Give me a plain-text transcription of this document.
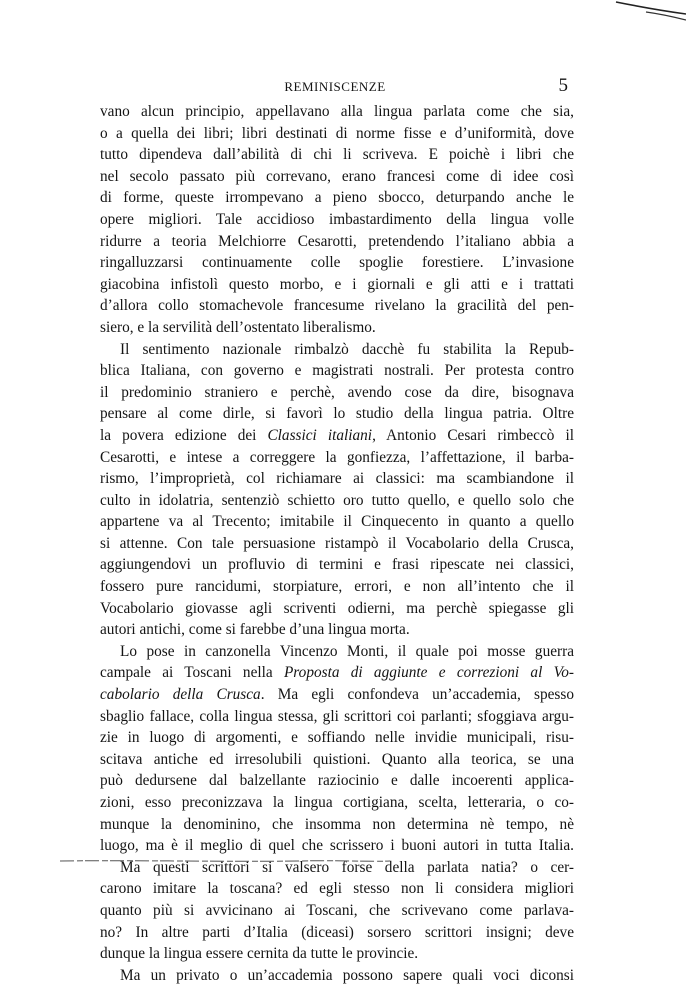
REMINISCENZE	5
vano alcun principio, appellavano alla lingua parlata come che sia,
o a quella dei libri; libri destinati di norme fisse e d’uniformità, dove
tutto dipendeva dall’abilità di chi li scriveva. E poichè i libri che
nel secolo passato più correvano, erano francesi come di idee così
di forme, queste irrompevano a pieno sbocco, deturpando anche le
opere migliori. Tale accidioso imbastardimento della lingua volle
ridurre a teoria Melchiorre Cesarotti, pretendendo l’italiano abbia a
ringalluzzarsi continuamente colle spoglie forestiere. L’invasione
giacobina infistolì questo morbo, e i giornali e gli atti e i trattati
d’allora collo stomachevole francesume rivelano la gracilità del pen-
siero, e la servilità dell’ostentato liberalismo.
Il sentimento nazionale rimbalzò dacchè fu stabilita la Repub-
blica Italiana, con governo e magistrati nostrali. Per protesta contro
il predominio straniero e perchè, avendo cose da dire, bisognava
pensare al come dirle, si favorì lo studio della lingua patria. Oltre
la povera edizione dei Classici italiani, Antonio Cesari rimbeccò il
Cesarotti, e intese a correggere la gonfiezza, l’affettazione, il barba-
rismo, l’improprietà, col richiamare ai classici: ma scambiandone il
culto in idolatria, sentenziò schietto oro tutto quello, e quello solo che
appartene va al Trecento; imitabile il Cinquecento in quanto a quello
si attenne. Con tale persuasione ristampò il Vocabolario della Crusca,
aggiungendovi un profluvio di termini e frasi ripescate nei classici,
fossero pure rancidumi, storpiature, errori, e non all’intento che il
Vocabolario giovasse agli scriventi odierni, ma perchè spiegasse gli
autori antichi, come si farebbe d’una lingua morta.
Lo pose in canzonella Vincenzo Monti, il quale poi mosse guerra
campale ai Toscani nella Proposta di aggiunte e correzioni al Vo-
cabolario della Crusca. Ma egli confondeva un’accademia, spesso
sbaglio fallace, colla lingua stessa, gli scrittori coi parlanti; sfoggiava argu-
zie in luogo di argomenti, e soffiando nelle invidie municipali, risu-
scitava antiche ed irresolubili quistioni. Quanto alla teorica, se una
può dedursene dal balzellante raziocinio e dalle incoerenti applica-
zioni, esso preconizzava la lingua cortigiana, scelta, letteraria, o co-
munque la denominino, che insomma non determina nè tempo, nè
luogo, ma è il meglio di quel che scrissero i buoni autori in tutta Italia.
Ma questi scrittori si valsero forse della parlata natia? o cer-
carono imitare la toscana? ed egli stesso non li considera migliori
quanto più si avvicinano ai Toscani, che scrivevano come parlava-
no? In altre parti d’Italia (diceasi) sorsero scrittori insigni; deve
dunque la lingua essere cernita da tutte le provincie.
Ma un privato o un’accademia possono sapere quali voci diconsi
